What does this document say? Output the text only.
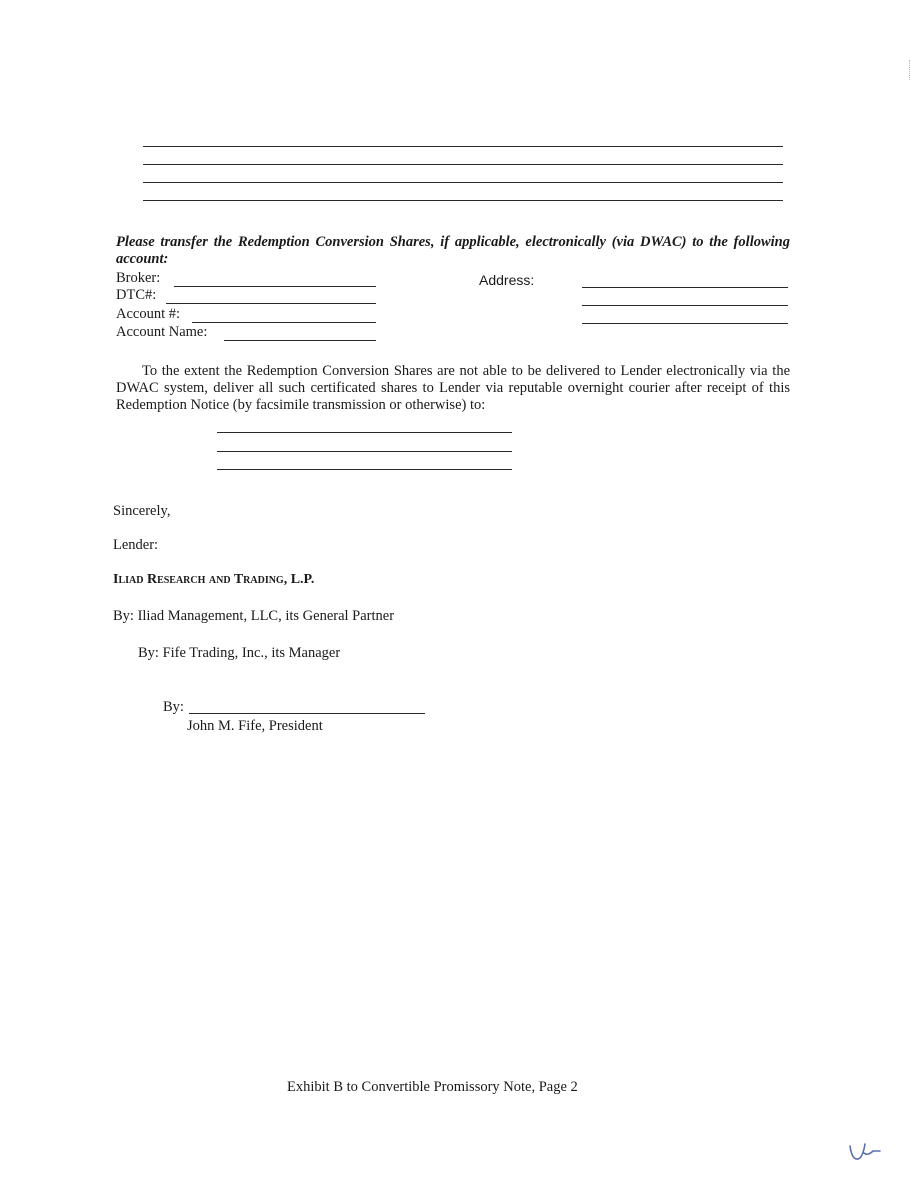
Please transfer the Redemption Conversion Shares, if applicable, electronically (via DWAC) to the following account:
Broker:
DTC#:
Account #:
Account Name:
Address:
To the extent the Redemption Conversion Shares are not able to be delivered to Lender electronically via the DWAC system, deliver all such certificated shares to Lender via reputable overnight courier after receipt of this Redemption Notice (by facsimile transmission or otherwise) to:
Sincerely,
Lender:
Iliad Research and Trading, L.P.
By: Iliad Management, LLC, its General Partner
By: Fife Trading, Inc., its Manager
By:
John M. Fife, President
Exhibit B to Convertible Promissory Note, Page 2
